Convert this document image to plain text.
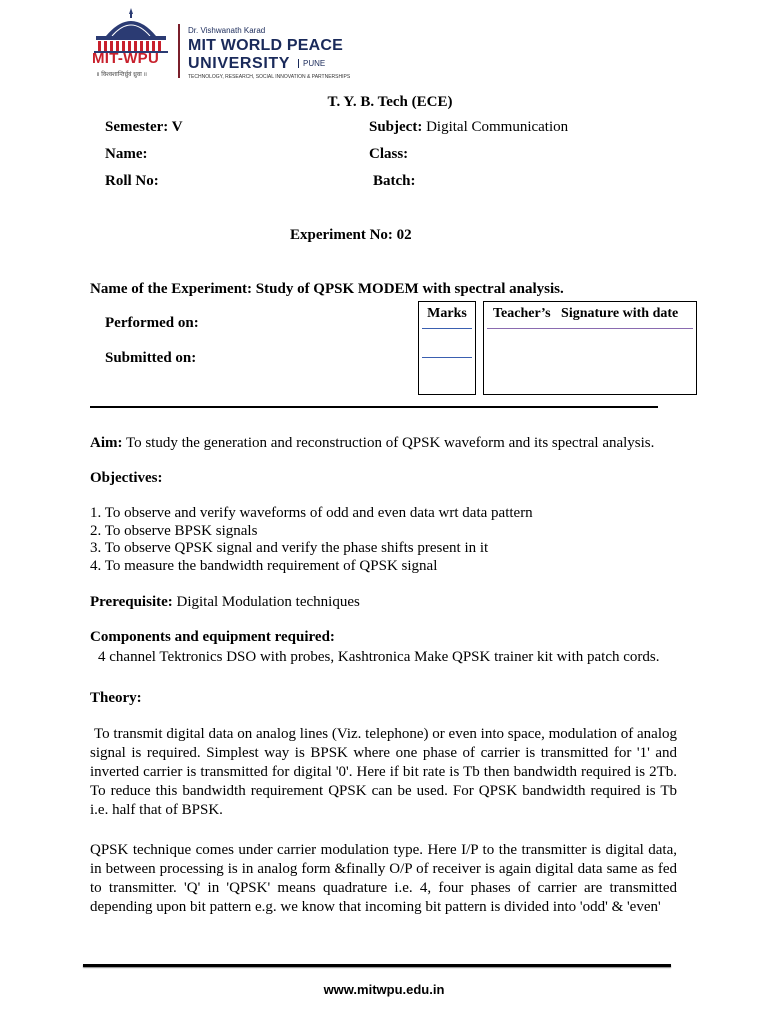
MIT-WPU
॥ विश्वशान्तिर्ध्रुवं ध्रुवा ॥
Dr. Vishwanath Karad
MIT WORLD PEACE
UNIVERSITY	PUNE
TECHNOLOGY, RESEARCH, SOCIAL INNOVATION & PARTNERSHIPS
T. Y. B. Tech (ECE)
Semester: V	Subject: Digital Communication
Name:	Class:
Roll No:	Batch:
Experiment No: 02
Name of the Experiment: Study of QPSK MODEM with spectral analysis.
Performed on:
Submitted on:
Marks	Teacher’s   Signature with date
Aim: To study the generation and reconstruction of QPSK waveform and its spectral analysis.
Objectives:
1. To observe and verify waveforms of odd and even data wrt data pattern
2. To observe BPSK signals
3. To observe QPSK signal and verify the phase shifts present in it
4. To measure the bandwidth requirement of QPSK signal
Prerequisite: Digital Modulation techniques
Components and equipment required:
4 channel Tektronics DSO with probes, Kashtronica Make QPSK trainer kit with patch cords.
Theory:
To transmit digital data on analog lines (Viz. telephone) or even into space, modulation of analog signal is required. Simplest way is BPSK where one phase of carrier is transmitted for '1' and inverted carrier is transmitted for digital '0'. Here if bit rate is Tb then bandwidth required is 2Tb. To reduce this bandwidth requirement QPSK can be used. For QPSK bandwidth required is Tb i.e. half that of BPSK.
QPSK technique comes under carrier modulation type. Here I/P to the transmitter is digital data, in between processing is in analog form &finally O/P of receiver is again digital data same as fed to transmitter. 'Q' in 'QPSK' means quadrature i.e. 4, four phases of carrier are transmitted depending upon bit pattern e.g. we know that incoming bit pattern is divided into 'odd' & 'even'
www.mitwpu.edu.in
